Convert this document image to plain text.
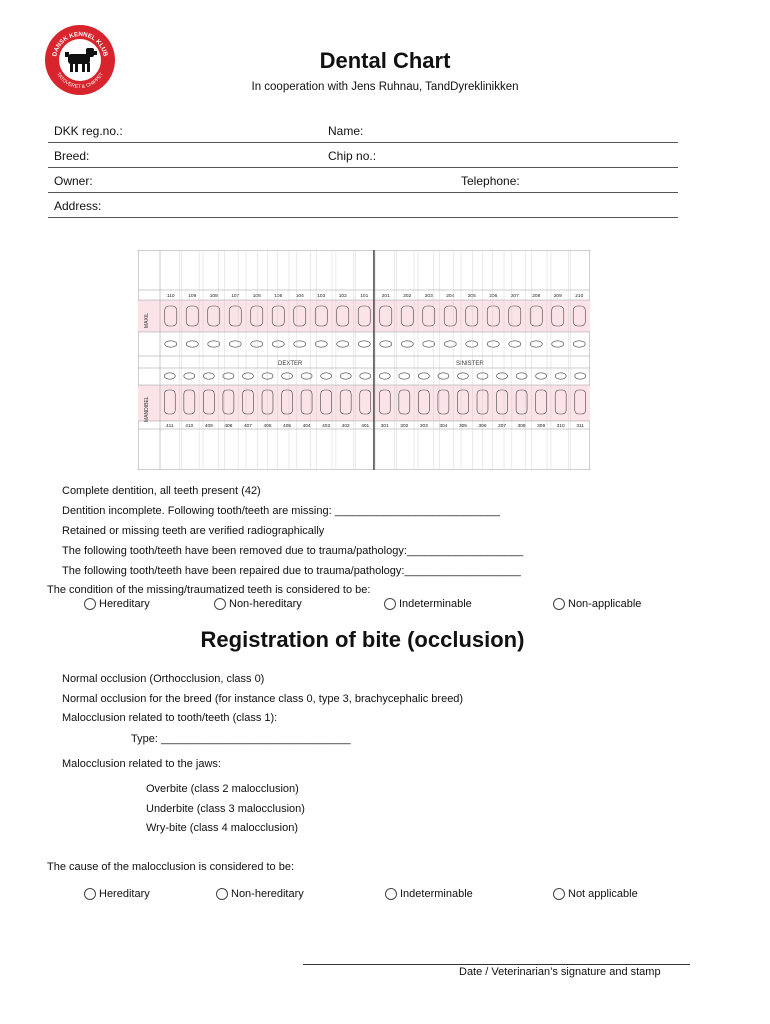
DANSK KENNEL KLUB
TATOVERET & CHIPPET
Dental Chart
In cooperation with Jens Ruhnau, TandDyreklinikken
DKK reg.no.:	Name:
Breed:	Chip no.:
Owner:	Telephone:
Address:
MAXIL
MANDIBEL
DEXTER	SINISTER
110	109	108	107	106	105	104	103	102	101	201	202	203	204	205	206	207	208	209	210
411 410 409 408 407 406 405 404 403 402 401 301 302 303 304 305 306 307 308 309 310 311
Complete dentition, all teeth present (42)
Dentition incomplete. Following tooth/teeth are missing: ___________________________
Retained or missing teeth are verified radiographically
The following tooth/teeth have been removed due to trauma/pathology:___________________
The following tooth/teeth have been repaired due to trauma/pathology:___________________
The condition of the missing/traumatized teeth is considered to be:
Hereditary	Non-hereditary	Indeterminable	Non-applicable
Registration of bite (occlusion)
Normal occlusion (Orthocclusion, class 0)
Normal occlusion for the breed (for instance class 0, type 3, brachycephalic breed)
Malocclusion related to tooth/teeth (class 1):
Type: _______________________________
Malocclusion related to the jaws:
Overbite (class 2 malocclusion)
Underbite (class 3 malocclusion)
Wry-bite (class 4 malocclusion)
The cause of the malocclusion is considered to be:
Hereditary	Non-hereditary	Indeterminable	Not applicable
Date / Veterinarian’s signature and stamp
